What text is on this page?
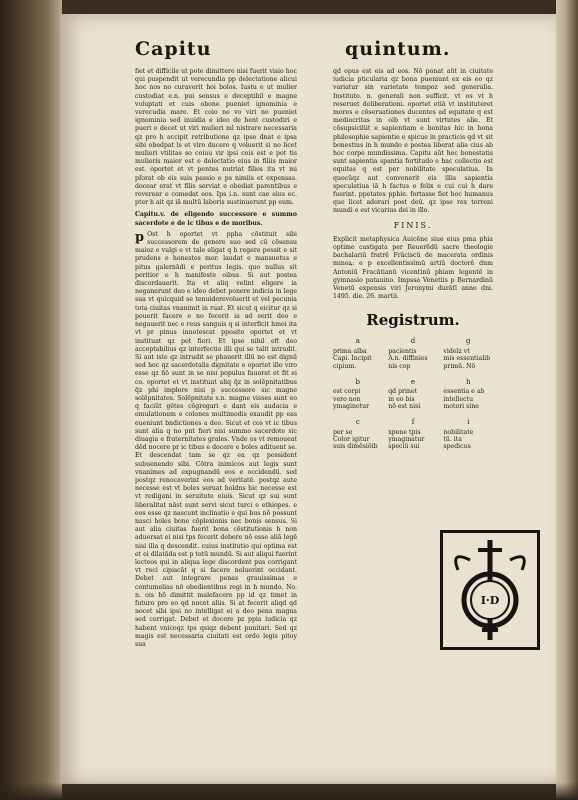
Capitu	quintum.

fiet et difficile ut pote dimittere nisi fuerit visio hoc qui puspendit ut verecundia pp delectatione alicui hoc nos no curaverit hoi bolos. Iustu e ut mulier custodiat e.n. pui sensus e deceptibil e magne voluptati et cuis obone pueniet ignominia e verecudia mare. Et coio ne vo viri no pueniet ignominia sed inuidia e ideo de bent custodiri e pueri e decet ut viri mulieri ml nistrare necessaria qz pro h accipit retributione qz ipse dnat e ipsa sibi obedpat ls et viro ducere q voluerit si no licet mulieri vtilitas so coiuu vir ipsi cois est e pot tis mulieris maior est e delectatio eius in filiis maior est. oportet et vt pentes nutriat filios ita vt mi pforat ob eis suis passio e ps nimiis et expensas. docear erat vt filis serviat e obediat parentibus e reverear e comedat eos. Ips i.n. sunt cae eius ec. pter h ait qz iā multū laboris sustinuerunt pp eum.

Capitu.v. de eligendo successore e summo sacerdote e de ic tibus e de moribus.

p Ost h oportet vt ppha cōstituit sibi successorem de genere suo sed cū cōsensu maioz e vulgi e vt tale eligat q h regere possit e sit prudens e honestos mor. laudat e mansuetus e pitus galernādi e peritus legis. quo nullus sit peritior e h manifeste oibus. Si aut postea discordauerit. Ita vt aliq velint eligere ia neganerunt deo e ideo debet ponere indicia in lege sua vt quicquid se tenuiderevoluerit et vel pecunia tota ciuitas vnanimit in ruat. Et sicut q eicitur qz si pouerit facere e no fecerit ia ad eerit deo e negauerit nec e reus sanguis q si interficit hmoi ita vt pr pinus innotescat pposito oportet et vt instituat qz pot fieri. Et ipse nihil eft deo acceptabilius qz interfectio illi qui se talit intrudit. Si aut iste qz intrudit se phauerit illū no est dignū sed hoc qz sacerdotalis dignitate e oportet illo viro esse qz ñō sunt in se nisi populus fauorat et fit ei co. oportet et vt instituat aliq q̄z in solēpnitatibus q̄z phi implere nisi p successore sic magne solēpnitates. Solēpnitate s.n. magne visses sunt eo q faciūt gētes cōgregari e dant eis audacia e emulationem e colones multimodis exaudit pp eas eueniunt bndictiones a deo. Sicut et cos vt ic tibus sunt alia q no pnt fieri nisi summo sacerdote sic diuagia e fraternitates grales. Vnde os vt remoueat dēd nocere pr ic tibus e docere e boles adituent se. Et descendat tam se qz ea qz possident subuenendo sibi. Cōtra inimicos aut legis sunt vnanimes ad expugnandū eos e occidendū. sed postqz renocaverint eos ad veritatē. postqz aute necesse est vt boles seruat holdns hic necesse est vt redigani in seruitute eiuis. Sicut qz sui sunt liberalitat nāst sunt servi sicut turci e ethiopes. e eos esse qz nascunt inclinatio e qui bus nō possunt nasci holes bone cōplexionis nec bonis sensus. Si aut alia ciuitas fuerit bona cōstitutionis h non aduersat ei nisi tps fecerit debere nō esse aliā legē nisi illa q descendit. cuius institutio qui optima est et ei dilatāda est p totū mundū. Si aut aliqui fuerint lecteos qui in aliqua lege discordent pus corrigant vt reci cipiscāt q si facere noluerint occidant. Debet aut integrare penas grauissimas e contumelias nō obedientibus regi in h mundo. No. n. ois hō dimittit malefacere pp id qz timet in futuro pro eo qd nocet aliis. Si at fecerit aliqd qd nocet sibi ipsi no intelligat ei a deo pena magna sed corrigat. Debet et docere pz ppia iudicia qz habent vnicoqz tps qsiqz debent punitari. Sed qz magis est necessaria ciuitati est ordo legis pitoy sua

qd opus est eis ad eos. Nō ponat aūt in ciuitate iudicia pticularia qz bona pueniunt ex eis eo qz variatur sin varietate tempoz sed generalia. Instituto. n. generali non sufficit. vt os vt h reseruet deliberationi. oportet etiā vt instituteret mores e cōseruationes ducentes ad equitate q est mediocritas in oib vt sunt virtutes alie. Et cōsupsiciliit e sapientiam e bonitas hic in bona philosophie sapientie e spicue in practicis qd vt sit bonestius in h mundo e postea liberat alia cius ab hoc corpe mundissima. Capitu aūt hec bonestatis sunt sapientia spantia fortitudo e hac collectio est equitas q est per nobilitate speculatiua. In quocūqz aut convenerit eis illis sapientia speculatiua iā h factus e felix e cui cui h dare fuerint. ppetates pphie. fortasse fiet hoc humanus que licet adorari post deū. qz ipse rex terreni mundi e est vicarius dei in illo.

FINIS.

Explicit metaphysica Auicēne siue eius pma phia optime castigata per Reuerēdū sacre theologie bachalariū fratrē Frāciscū de macerata ordinis minoꝝ: e p excellentissimū artiū doctorē dnm Antoniū Fracātianū vicentinū phiam legentē in gymnasio patauino. Impssa Venetiis p Bernardinū Venetū expensis viri Jeronymi durātī anno dni. 1495. die. 26. martii.

Registrum.

a
prima alba
Capi. Incipit
cipium.
d
pacientis
A.n. diffinies
nis cop
g
videlz vt
mis essentialib
primū. Nō
b
est corpi
vero non
ymaginetur
e
qd prinet
in eo bis
nō est nisi
h
essentia e ab
intellectu
motori sine
c
per se
Color igitur
suis dimēsiōib
f
xpone tpis
ymaginatur
speciū sui
i
nobilitate
tū. ita
spedicus
I·D
